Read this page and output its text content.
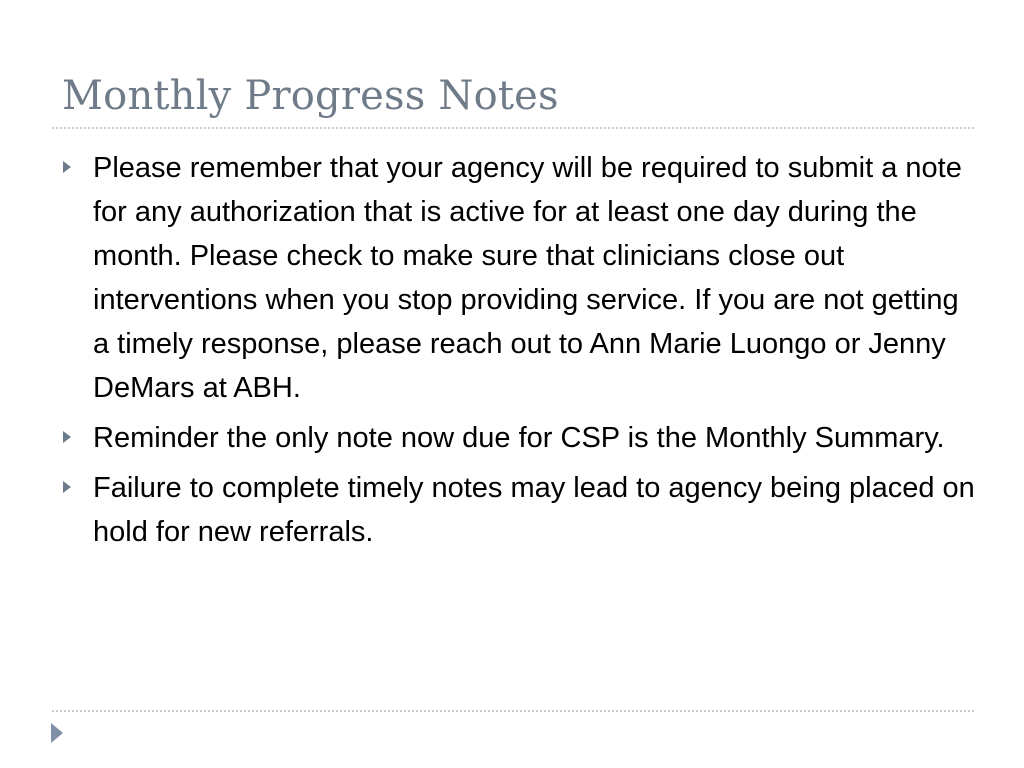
Monthly Progress Notes
Please remember that your agency will be required to submit a note for any authorization that is active for at least one day during the month. Please check to make sure that clinicians close out interventions when you stop providing service. If you are not getting a timely response, please reach out to Ann Marie Luongo or Jenny DeMars at ABH.
Reminder the only note now due for CSP is the Monthly Summary.
Failure to complete timely notes may lead to agency being placed on hold for new referrals.
